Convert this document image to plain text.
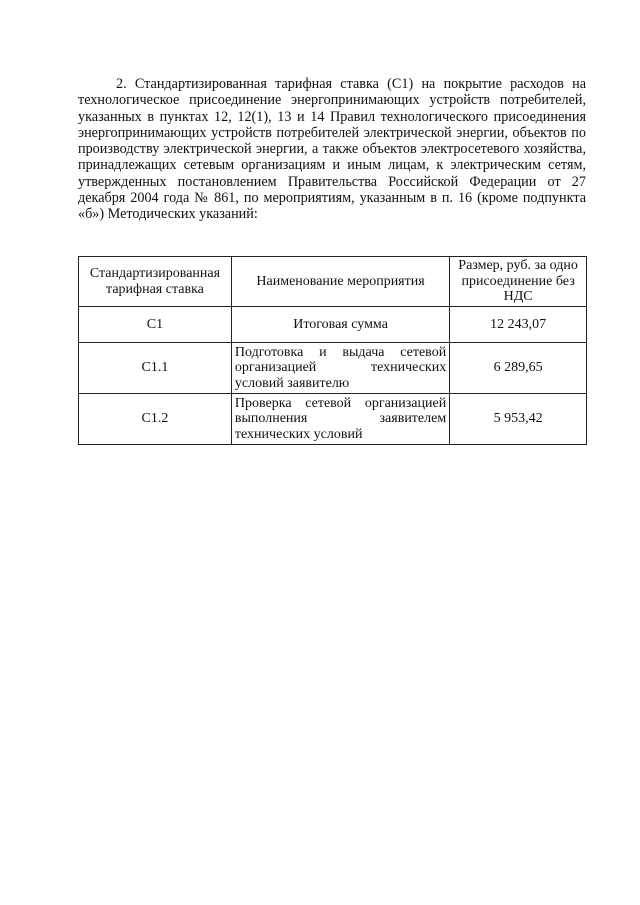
2. Стандартизированная тарифная ставка (С1) на покрытие расходов на технологическое присоединение энергопринимающих устройств потребителей, указанных в пунктах 12, 12(1), 13 и 14 Правил технологического присоединения энергопринимающих устройств потребителей электрической энергии, объектов по производству электрической энергии, а также объектов электросетевого хозяйства, принадлежащих сетевым организациям и иным лицам, к электрическим сетям, утвержденных постановлением Правительства Российской Федерации от 27 декабря 2004 года № 861, по мероприятиям, указанным в п. 16 (кроме подпункта «б») Методических указаний:

Стандартизированная тарифная ставка	Наименование мероприятия	Размер, руб. за одно присоединение без НДС
С1	Итоговая сумма	12 243,07
С1.1	Подготовка и выдача сетевой организацией технических условий заявителю	6 289,65
С1.2	Проверка сетевой организацией выполнения заявителем технических условий	5 953,42
